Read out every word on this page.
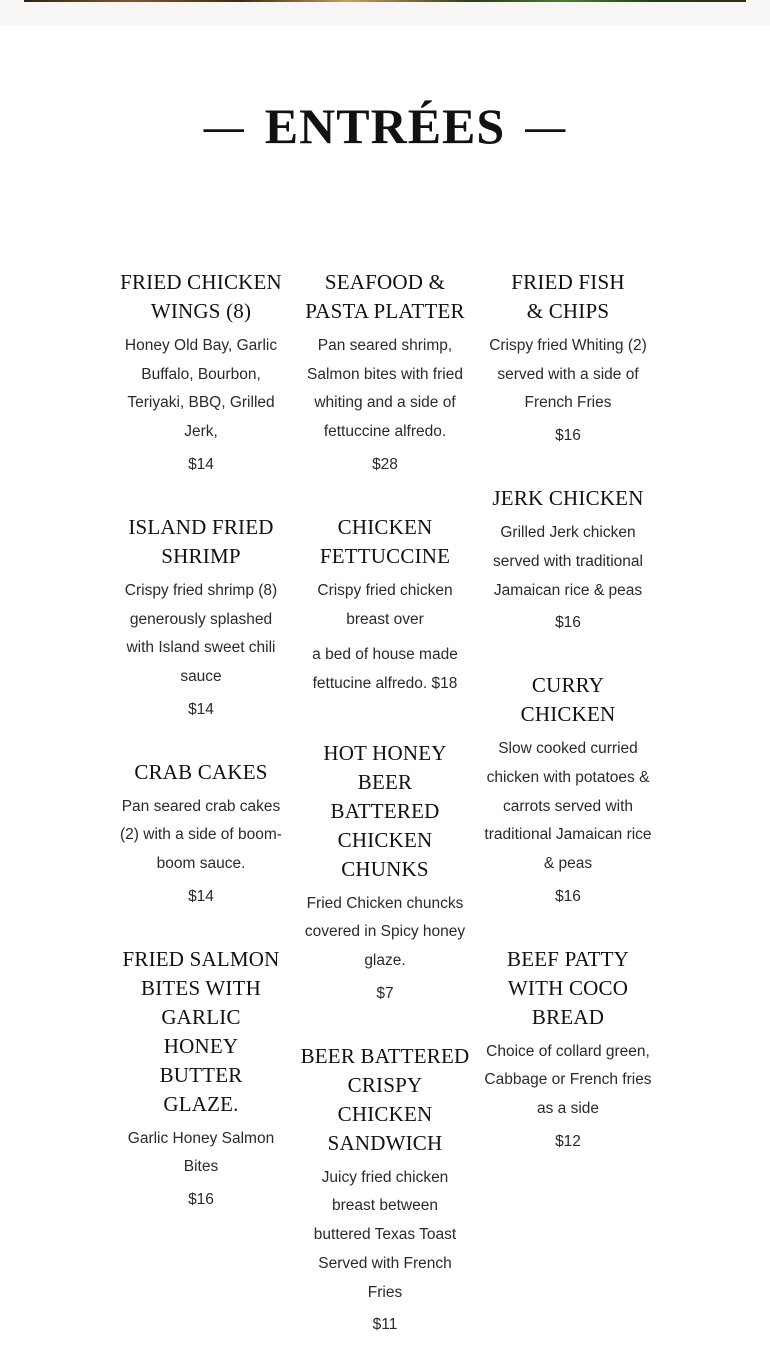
— ENTRÉES —
FRIED CHICKEN WINGS (8)
Honey Old Bay, Garlic Buffalo, Bourbon, Teriyaki, BBQ, Grilled Jerk,
$14
ISLAND FRIED SHRIMP
Crispy fried shrimp (8) generously splashed with Island sweet chili sauce
$14
CRAB CAKES
Pan seared crab cakes (2) with a side of boom-boom sauce.
$14
FRIED SALMON BITES WITH GARLIC HONEY BUTTER GLAZE.
Garlic Honey Salmon Bites
$16
SEAFOOD & PASTA PLATTER
Pan seared shrimp, Salmon bites with fried whiting and a side of fettuccine alfredo.
$28
CHICKEN FETTUCCINE
Crispy fried chicken breast over
a bed of house made fettucine alfredo. $18
HOT HONEY BEER BATTERED CHICKEN CHUNKS
Fried Chicken chuncks covered in Spicy honey glaze.
$7
BEER BATTERED CRISPY CHICKEN SANDWICH
Juicy fried chicken breast between buttered Texas Toast Served with French Fries
$11
FRIED FISH & CHIPS
Crispy fried Whiting (2) served with a side of French Fries
$16
JERK CHICKEN
Grilled Jerk chicken served with traditional Jamaican rice & peas
$16
CURRY CHICKEN
Slow cooked curried chicken with potatoes & carrots served with traditional Jamaican rice & peas
$16
BEEF PATTY WITH COCO BREAD
Choice of collard green, Cabbage or French fries as a side
$12
